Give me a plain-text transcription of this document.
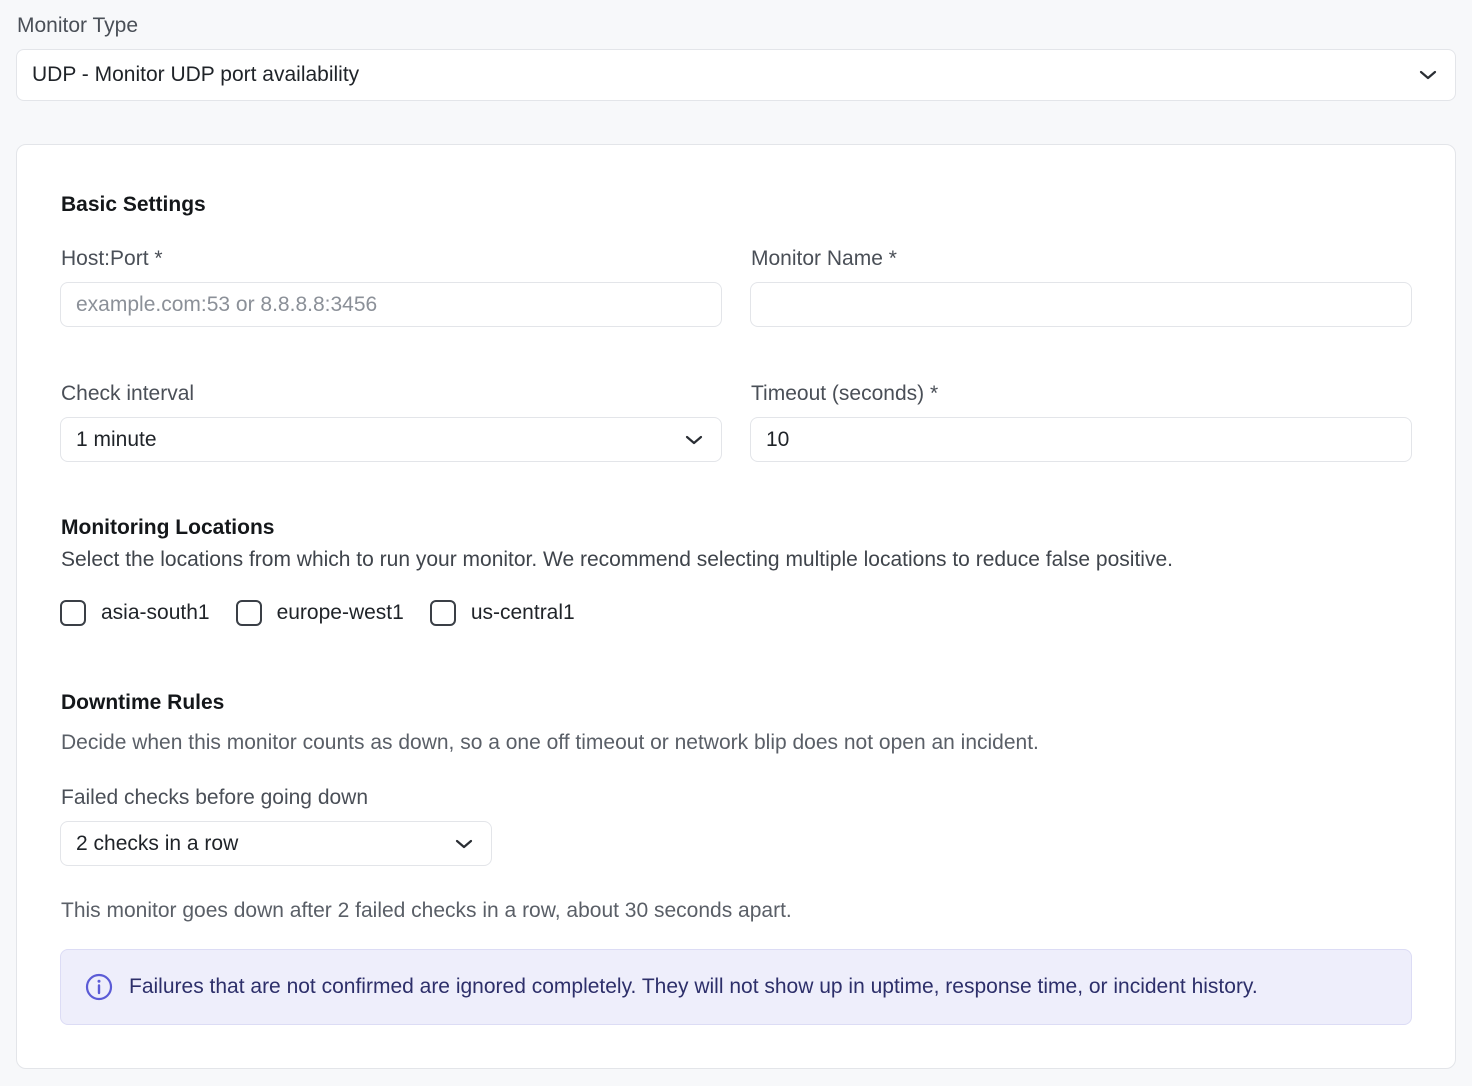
Monitor Type
UDP - Monitor UDP port availability
Basic Settings
Host:Port *
example.com:53 or 8.8.8.8:3456
Monitor Name *
Check interval
1 minute
Timeout (seconds) *
10
Monitoring Locations
Select the locations from which to run your monitor. We recommend selecting multiple locations to reduce false positive.
asia-south1	europe-west1	us-central1
Downtime Rules
Decide when this monitor counts as down, so a one off timeout or network blip does not open an incident.
Failed checks before going down
2 checks in a row
This monitor goes down after 2 failed checks in a row, about 30 seconds apart.
Failures that are not confirmed are ignored completely. They will not show up in uptime, response time, or incident history.
